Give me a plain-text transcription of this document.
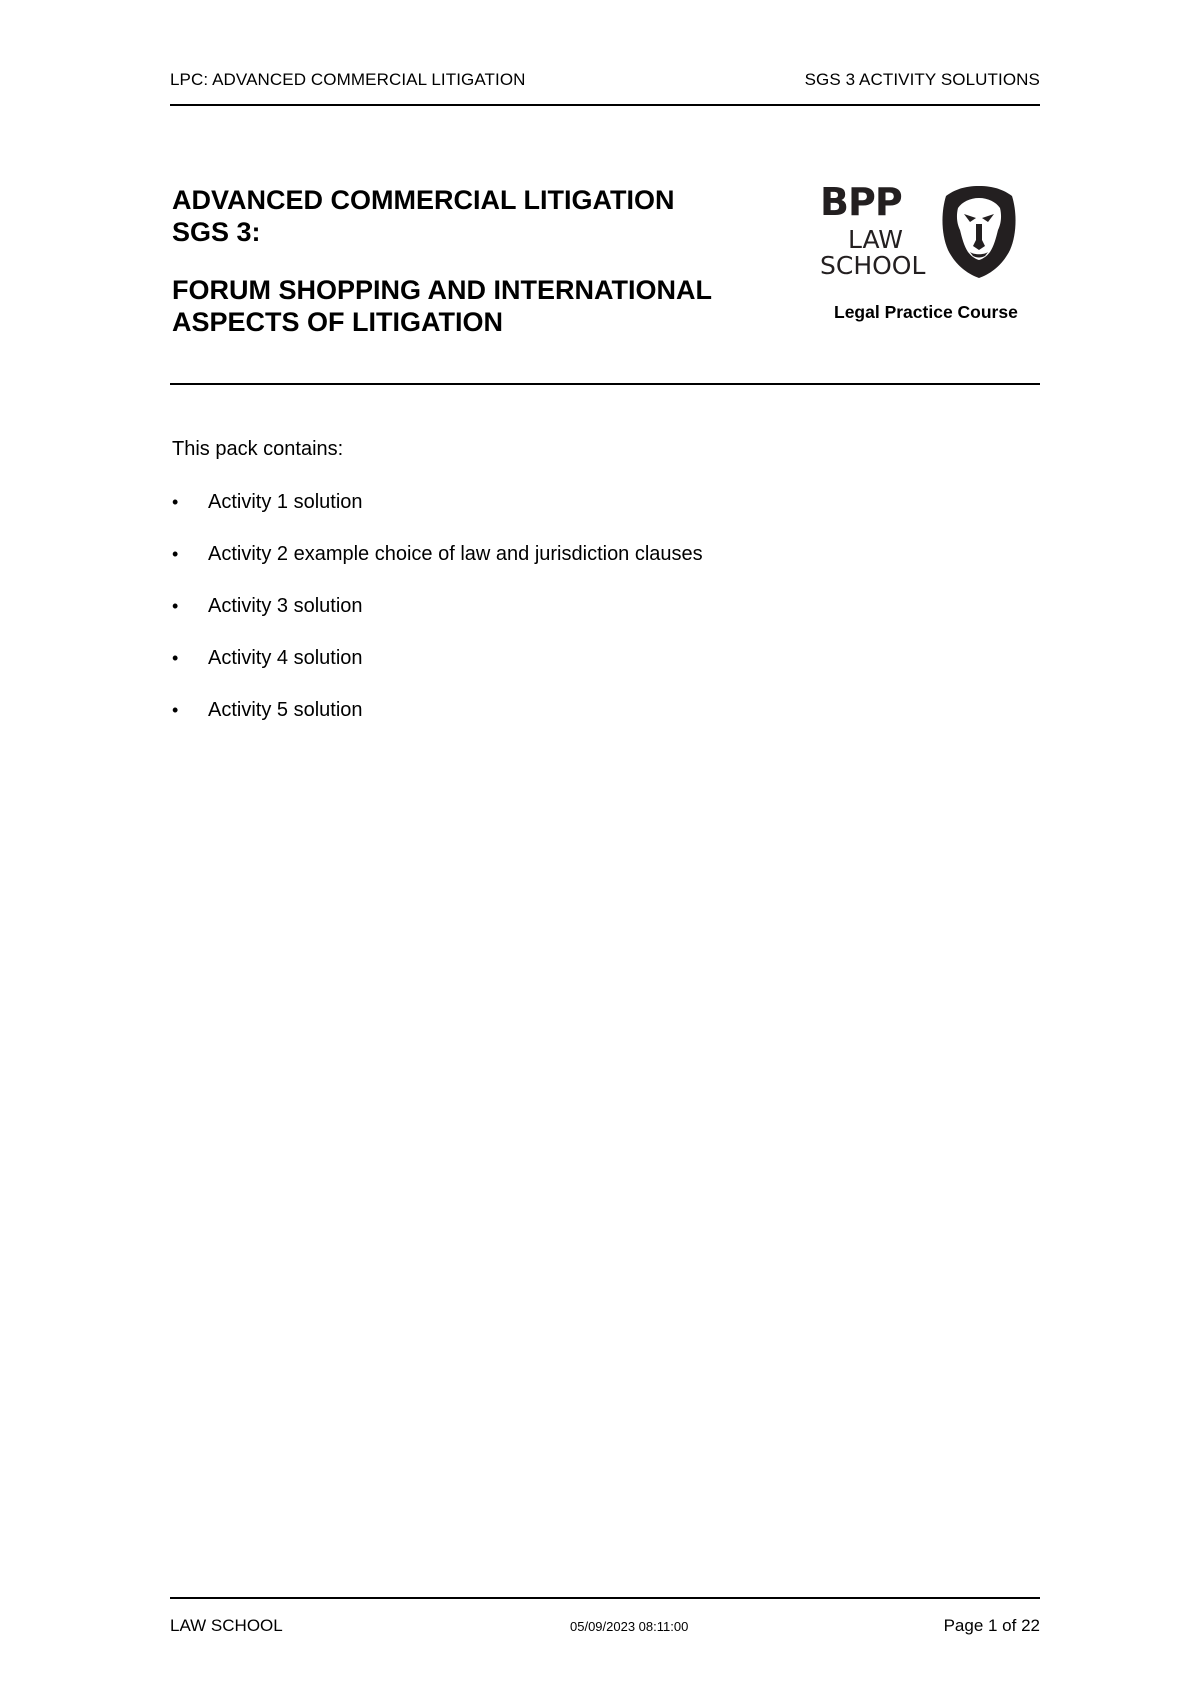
LPC: ADVANCED COMMERCIAL LITIGATION	SGS 3 ACTIVITY SOLUTIONS
ADVANCED COMMERCIAL LITIGATION
SGS 3:
FORUM SHOPPING AND INTERNATIONAL
ASPECTS OF LITIGATION
BPP
LAW
SCHOOL
Legal Practice Course
This pack contains:
•	Activity 1 solution
•	Activity 2 example choice of law and jurisdiction clauses
•	Activity 3 solution
•	Activity 4 solution
•	Activity 5 solution
LAW SCHOOL	05/09/2023 08:11:00	Page 1 of 22
